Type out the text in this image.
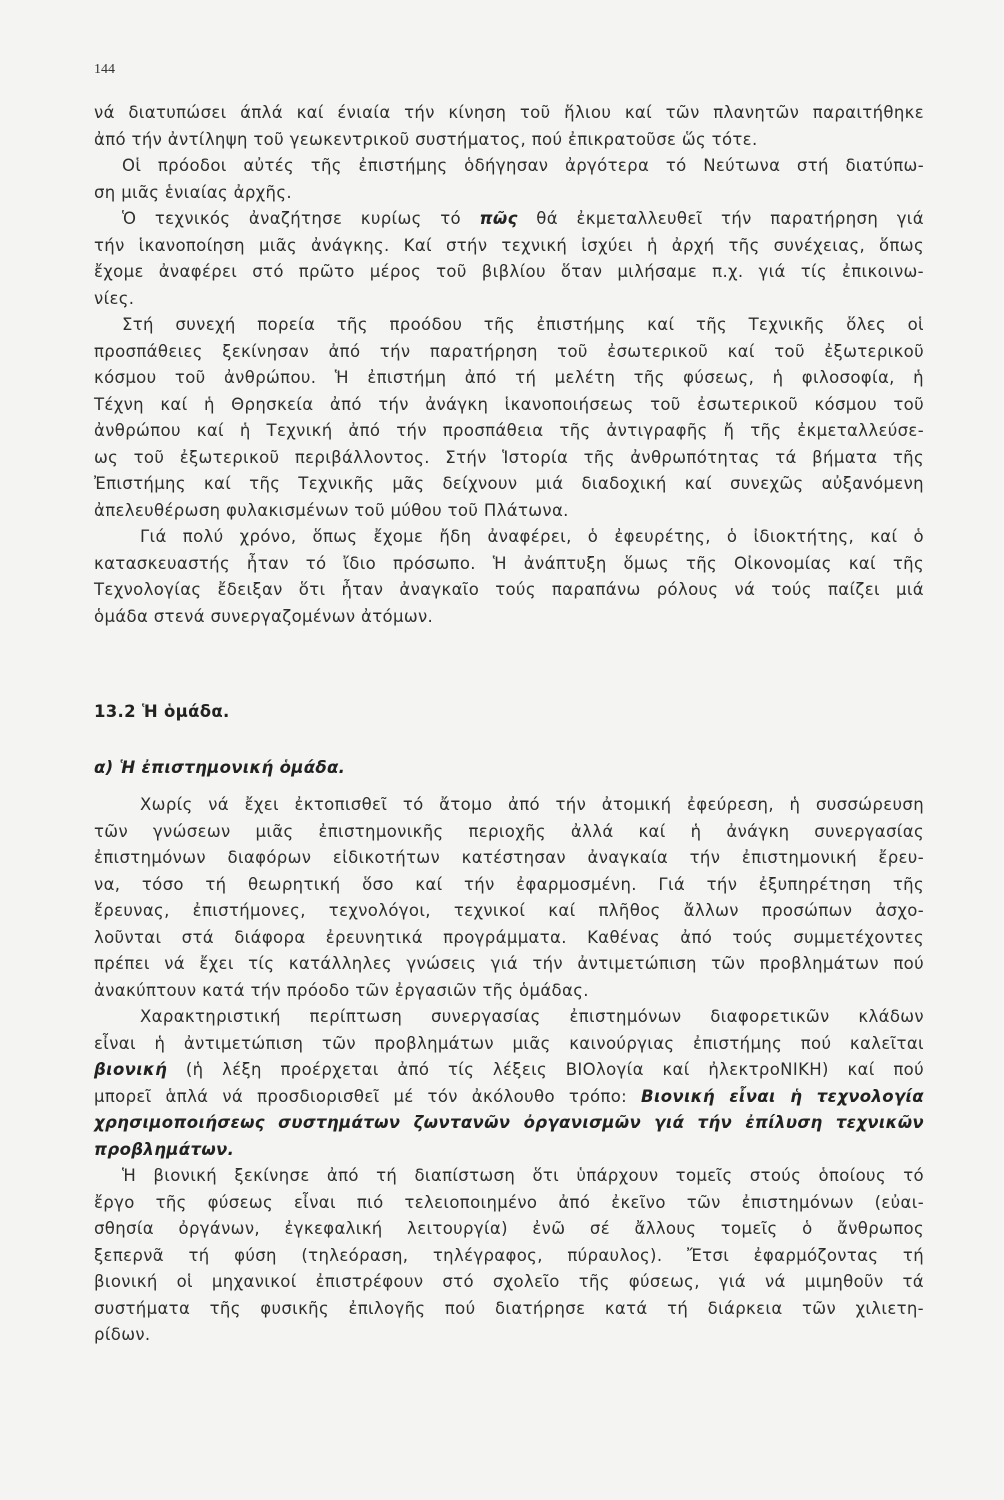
144
νά διατυπώσει άπλά καί ένιαία τήν κίνηση τοῦ ἥλιου καί τῶν πλανητῶν παραιτήθηκε
ἀπό τήν ἀντίληψη τοῦ γεωκεντρικοῦ συστήματος, πού ἐπικρατοῦσε ὥς τότε.
Οἱ πρόοδοι αὐτές τῆς ἐπιστήμης ὁδήγησαν ἀργότερα τό Νεύτωνα στή διατύπω-
ση μιᾶς ἑνιαίας ἀρχῆς.
Ὁ τεχνικός ἀναζήτησε κυρίως τό πῶς θά ἐκμεταλλευθεῖ τήν παρατήρηση γιά
τήν ἱκανοποίηση μιᾶς ἀνάγκης. Καί στήν τεχνική ἰσχύει ἡ ἀρχή τῆς συνέχειας, ὅπως
ἔχομε ἀναφέρει στό πρῶτο μέρος τοῦ βιβλίου ὅταν μιλήσαμε π.χ. γιά τίς ἐπικοινω-
νίες.
Στή συνεχή πορεία τῆς προόδου τῆς ἐπιστήμης καί τῆς Τεχνικῆς ὅλες οἱ
προσπάθειες ξεκίνησαν ἀπό τήν παρατήρηση τοῦ ἐσωτερικοῦ καί τοῦ ἐξωτερικοῦ
κόσμου τοῦ ἀνθρώπου. Ἡ ἐπιστήμη ἀπό τή μελέτη τῆς φύσεως, ἡ φιλοσοφία, ἡ
Τέχνη καί ἡ Θρησκεία ἀπό τήν ἀνάγκη ἱκανοποιήσεως τοῦ ἐσωτερικοῦ κόσμου τοῦ
ἀνθρώπου καί ἡ Τεχνική ἀπό τήν προσπάθεια τῆς ἀντιγραφῆς ἤ τῆς ἐκμεταλλεύσε-
ως τοῦ ἐξωτερικοῦ περιβάλλοντος. Στήν Ἱστορία τῆς ἀνθρωπότητας τά βήματα τῆς
Ἐπιστήμης καί τῆς Τεχνικῆς μᾶς δείχνουν μιά διαδοχική καί συνεχῶς αὐξανόμενη
ἀπελευθέρωση φυλακισμένων τοῦ μύθου τοῦ Πλάτωνα.
Γιά πολύ χρόνο, ὅπως ἔχομε ἤδη ἀναφέρει, ὁ ἐφευρέτης, ὁ ἰδιοκτήτης, καί ὁ
κατασκευαστής ἦταν τό ἴδιο πρόσωπο. Ἡ ἀνάπτυξη ὅμως τῆς Οἰκονομίας καί τῆς
Τεχνολογίας ἔδειξαν ὅτι ἦταν ἀναγκαῖο τούς παραπάνω ρόλους νά τούς παίζει μιά
ὁμάδα στενά συνεργαζομένων ἀτόμων.
13.2 Ἡ ὁμάδα.
α) Ἡ ἐπιστημονική ὁμάδα.
Χωρίς νά ἔχει ἐκτοπισθεῖ τό ἄτομο ἀπό τήν ἀτομική ἐφεύρεση, ἡ συσσώρευση
τῶν γνώσεων μιᾶς ἐπιστημονικῆς περιοχῆς ἀλλά καί ἡ ἀνάγκη συνεργασίας
ἐπιστημόνων διαφόρων εἰδικοτήτων κατέστησαν ἀναγκαία τήν ἐπιστημονική ἔρευ-
να, τόσο τή θεωρητική ὅσο καί τήν ἐφαρμοσμένη. Γιά τήν ἐξυπηρέτηση τῆς
ἔρευνας, ἐπιστήμονες, τεχνολόγοι, τεχνικοί καί πλῆθος ἄλλων προσώπων ἀσχο-
λοῦνται στά διάφορα ἐρευνητικά προγράμματα. Καθένας ἀπό τούς συμμετέχοντες
πρέπει νά ἔχει τίς κατάλληλες γνώσεις γιά τήν ἀντιμετώπιση τῶν προβλημάτων πού
ἀνακύπτουν κατά τήν πρόοδο τῶν ἐργασιῶν τῆς ὁμάδας.
Χαρακτηριστική περίπτωση συνεργασίας ἐπιστημόνων διαφορετικῶν κλάδων
εἶναι ἡ ἀντιμετώπιση τῶν προβλημάτων μιᾶς καινούργιας ἐπιστήμης πού καλεῖται
βιονική (ἡ λέξη προέρχεται ἀπό τίς λέξεις ΒΙΟλογία καί ἠλεκτροΝΙΚΗ) καί πού
μπορεῖ ἁπλά νά προσδιορισθεῖ μέ τόν ἀκόλουθο τρόπο: Βιονική εἶναι ἡ τεχνολογία
χρησιμοποιήσεως συστημάτων ζωντανῶν ὀργανισμῶν γιά τήν ἐπίλυση τεχνικῶν
προβλημάτων.
Ἡ βιονική ξεκίνησε ἀπό τή διαπίστωση ὅτι ὑπάρχουν τομεῖς στούς ὁποίους τό
ἔργο τῆς φύσεως εἶναι πιό τελειοποιημένο ἀπό ἐκεῖνο τῶν ἐπιστημόνων (εὐαι-
σθησία ὀργάνων, ἐγκεφαλική λειτουργία) ἐνῶ σέ ἄλλους τομεῖς ὁ ἄνθρωπος
ξεπερνᾶ τή φύση (τηλεόραση, τηλέγραφος, πύραυλος). Ἔτσι ἐφαρμόζοντας τή
βιονική οἱ μηχανικοί ἐπιστρέφουν στό σχολεῖο τῆς φύσεως, γιά νά μιμηθοῦν τά
συστήματα τῆς φυσικῆς ἐπιλογῆς πού διατήρησε κατά τή διάρκεια τῶν χιλιετη-
ρίδων.
